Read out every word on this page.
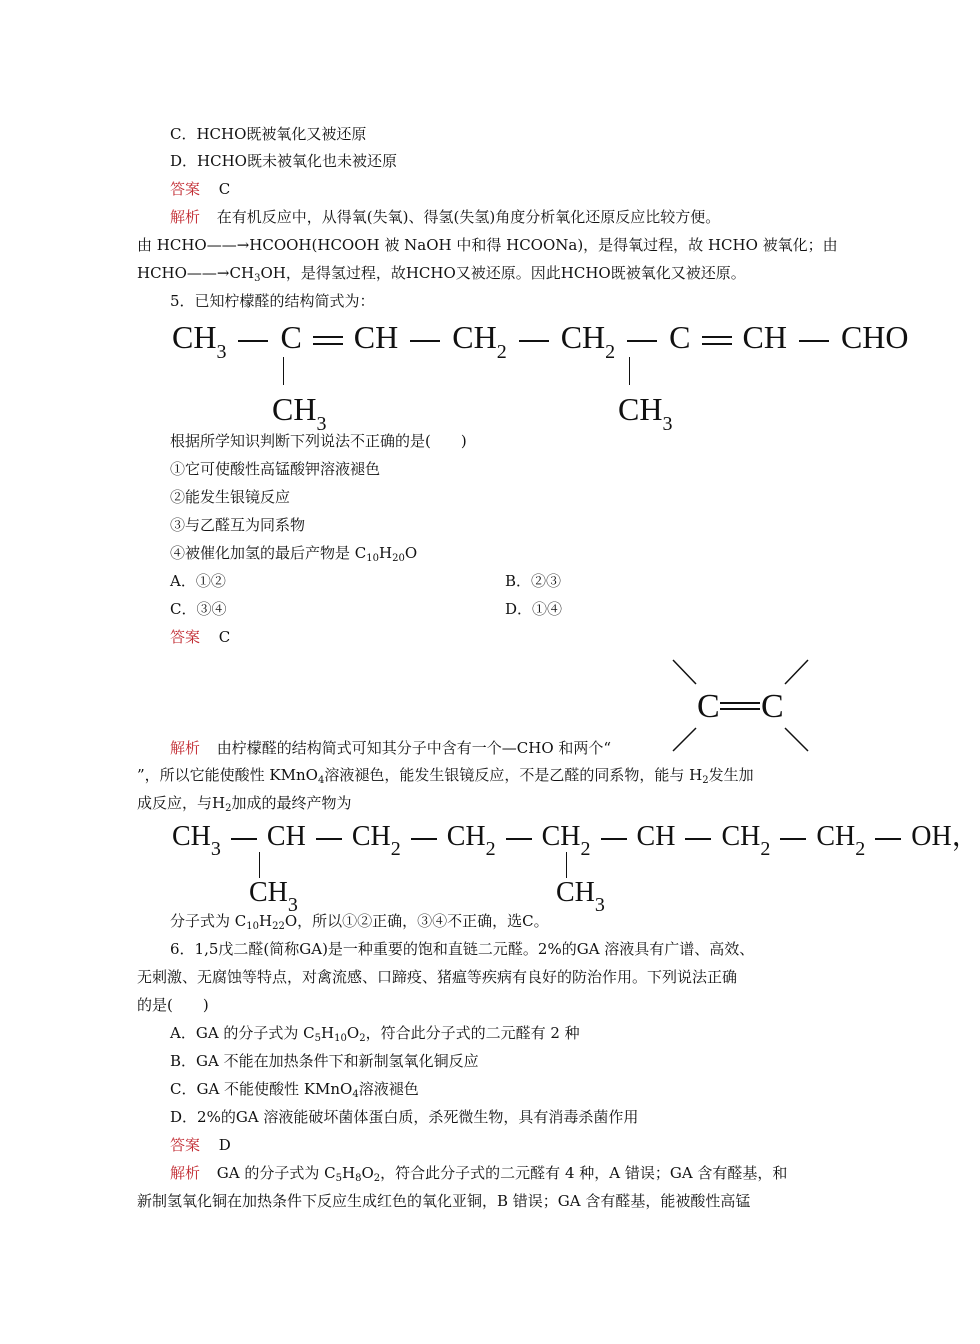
C．HCHO既被氧化又被还原
D．HCHO既未被氧化也未被还原
答案 C
解析 在有机反应中，从得氧(失氧)、得氢(失氢)角度分析氧化还原反应比较方便。
由 HCHO——→HCOOH(HCOOH 被 NaOH 中和得 HCOONa)，是得氧过程，故 HCHO 被氧化；由
$HCHO——\to CH_3OH$，是得氢过程，故HCHO又被还原。因此HCHO既被氧化又被还原。
5．已知柠檬醛的结构简式为：
$CH_3$ C CH $CH_2$ $CH_2$ C CH CHO
$CH_3$	$CH_3$
根据所学知识判断下列说法不正确的是(　　)
①它可使酸性高锰酸钾溶液褪色
②能发生银镜反应
③与乙醛互为同系物
④被催化加氢的最后产物是 $C_{10}H_{20}O$
A．①②	B．②③
C．③④	D．①④
答案 C
C C
解析 由柠檬醛的结构简式可知其分子中含有一个—CHO 和两个“
”，所以它能使酸性 KMnO$_4$溶液褪色，能发生银镜反应，不是乙醛的同系物，能与 $H_2$发生加
成反应，与$H_2$加成的最终产物为
$CH_3$ CH $CH_2$ $CH_2$ $CH_2$ CH $CH_2$ $CH_2$ OH，
$CH_3$	$CH_3$
分子式为 $C_{10}H_{22}O$，所以①②正确，③④不正确，选C。
6．1,5戊二醛(简称GA)是一种重要的饱和直链二元醛。2%的GA 溶液具有广谱、高效、
无刺激、无腐蚀等特点，对禽流感、口蹄疫、猪瘟等疾病有良好的防治作用。下列说法正确
的是(　　)
A．GA 的分子式为 $C_5H_{10}O_2$，符合此分子式的二元醛有 2 种
B．GA 不能在加热条件下和新制氢氧化铜反应
C．GA 不能使酸性 KMnO$_4$溶液褪色
D．2%的GA 溶液能破坏菌体蛋白质，杀死微生物，具有消毒杀菌作用
答案 D
解析 GA 的分子式为 $C_5H_8O_2$，符合此分子式的二元醛有 4 种，A 错误；GA 含有醛基，和
新制氢氧化铜在加热条件下反应生成红色的氧化亚铜，B 错误；GA 含有醛基，能被酸性高锰
